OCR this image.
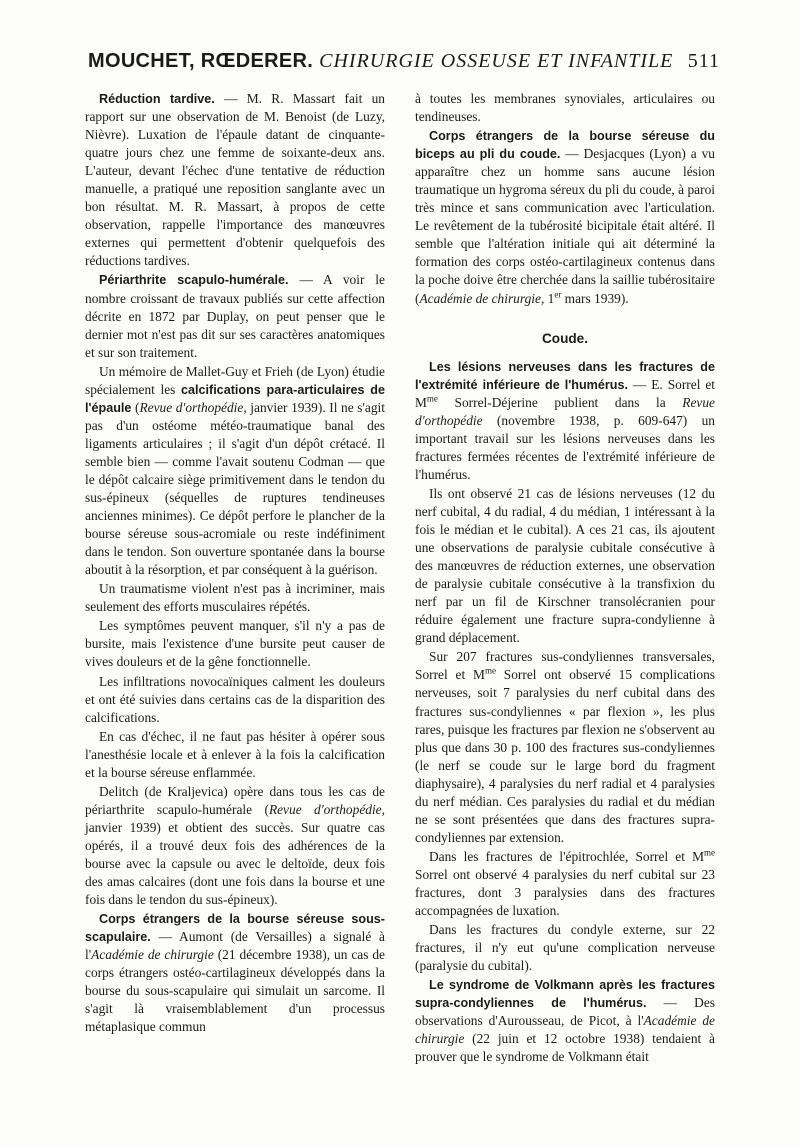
MOUCHET, RŒDERER. CHIRURGIE OSSEUSE ET INFANTILE 511

Réduction tardive. — M. R. Massart fait un rapport sur une observation de M. Benoist (de Luzy, Nièvre). Luxation de l'épaule datant de cinquante-quatre jours chez une femme de soixante-deux ans. L'auteur, devant l'échec d'une tentative de réduction manuelle, a pratiqué une reposition sanglante avec un bon résultat. M. R. Massart, à propos de cette observation, rappelle l'importance des manœuvres externes qui permettent d'obtenir quelquefois des réductions tardives.

Périarthrite scapulo-humérale. — A voir le nombre croissant de travaux publiés sur cette affection décrite en 1872 par Duplay, on peut penser que le dernier mot n'est pas dit sur ses caractères anatomiques et sur son traitement.

Un mémoire de Mallet-Guy et Frieh (de Lyon) étudie spécialement les calcifications para-articulaires de l'épaule (Revue d'orthopédie, janvier 1939). Il ne s'agit pas d'un ostéome météo-traumatique banal des ligaments articulaires ; il s'agit d'un dépôt crétacé. Il semble bien — comme l'avait soutenu Codman — que le dépôt calcaire siège primitivement dans le tendon du sus-épineux (séquelles de ruptures tendineuses anciennes minimes). Ce dépôt perfore le plancher de la bourse séreuse sous-acromiale ou reste indéfiniment dans le tendon. Son ouverture spontanée dans la bourse aboutit à la résorption, et par conséquent à la guérison.

Un traumatisme violent n'est pas à incriminer, mais seulement des efforts musculaires répétés.

Les symptômes peuvent manquer, s'il n'y a pas de bursite, mais l'existence d'une bursite peut causer de vives douleurs et de la gêne fonctionnelle.

Les infiltrations novocaïniques calment les douleurs et ont été suivies dans certains cas de la disparition des calcifications.

En cas d'échec, il ne faut pas hésiter à opérer sous l'anesthésie locale et à enlever à la fois la calcification et la bourse séreuse enflammée.

Delitch (de Kraljevica) opère dans tous les cas de périarthrite scapulo-humérale (Revue d'orthopédie, janvier 1939) et obtient des succès. Sur quatre cas opérés, il a trouvé deux fois des adhérences de la bourse avec la capsule ou avec le deltoïde, deux fois des amas calcaires (dont une fois dans la bourse et une fois dans le tendon du sus-épineux).

Corps étrangers de la bourse séreuse sous-scapulaire. — Aumont (de Versailles) a signalé à l'Académie de chirurgie (21 décembre 1938), un cas de corps étrangers ostéo-cartilagineux développés dans la bourse du sous-scapulaire qui simulait un sarcome. Il s'agit là vraisemblablement d'un processus métaplasique commun

à toutes les membranes synoviales, articulaires ou tendineuses.

Corps étrangers de la bourse séreuse du biceps au pli du coude. — Desjacques (Lyon) a vu apparaître chez un homme sans aucune lésion traumatique un hygroma séreux du pli du coude, à paroi très mince et sans communication avec l'articulation. Le revêtement de la tubérosité bicipitale était altéré. Il semble que l'altération initiale qui ait déterminé la formation des corps ostéo-cartilagineux contenus dans la poche doive être cherchée dans la saillie tubérositaire (Académie de chirurgie, 1er mars 1939).

Coude.

Les lésions nerveuses dans les fractures de l'extrémité inférieure de l'humérus. — E. Sorrel et $M^{me}$ Sorrel-Déjerine publient dans la Revue d'orthopédie (novembre 1938, p. 609-647) un important travail sur les lésions nerveuses dans les fractures fermées récentes de l'extrémité inférieure de l'humérus.

Ils ont observé 21 cas de lésions nerveuses (12 du nerf cubital, 4 du radial, 4 du médian, 1 intéressant à la fois le médian et le cubital). A ces 21 cas, ils ajoutent une observations de paralysie cubitale consécutive à des manœuvres de réduction externes, une observation de paralysie cubitale consécutive à la transfixion du nerf par un fil de Kirschner transolécranien pour réduire également une fracture supra-condylienne à grand déplacement.

Sur 207 fractures sus-condyliennes transversales, Sorrel et $M^{me}$ Sorrel ont observé 15 complications nerveuses, soit 7 paralysies du nerf cubital dans des fractures sus-condyliennes « par flexion », les plus rares, puisque les fractures par flexion ne s'observent au plus que dans 30 p. 100 des fractures sus-condyliennes (le nerf se coude sur le large bord du fragment diaphysaire), 4 paralysies du nerf radial et 4 paralysies du nerf médian. Ces paralysies du radial et du médian ne se sont présentées que dans des fractures supra-condyliennes par extension.

Dans les fractures de l'épitrochlée, Sorrel et $M^{me}$ Sorrel ont observé 4 paralysies du nerf cubital sur 23 fractures, dont 3 paralysies dans des fractures accompagnées de luxation.

Dans les fractures du condyle externe, sur 22 fractures, il n'y eut qu'une complication nerveuse (paralysie du cubital).

Le syndrome de Volkmann après les fractures supra-condyliennes de l'humérus. — Des observations d'Aurousseau, de Picot, à l'Académie de chirurgie (22 juin et 12 octobre 1938) tendaient à prouver que le syndrome de Volkmann était
